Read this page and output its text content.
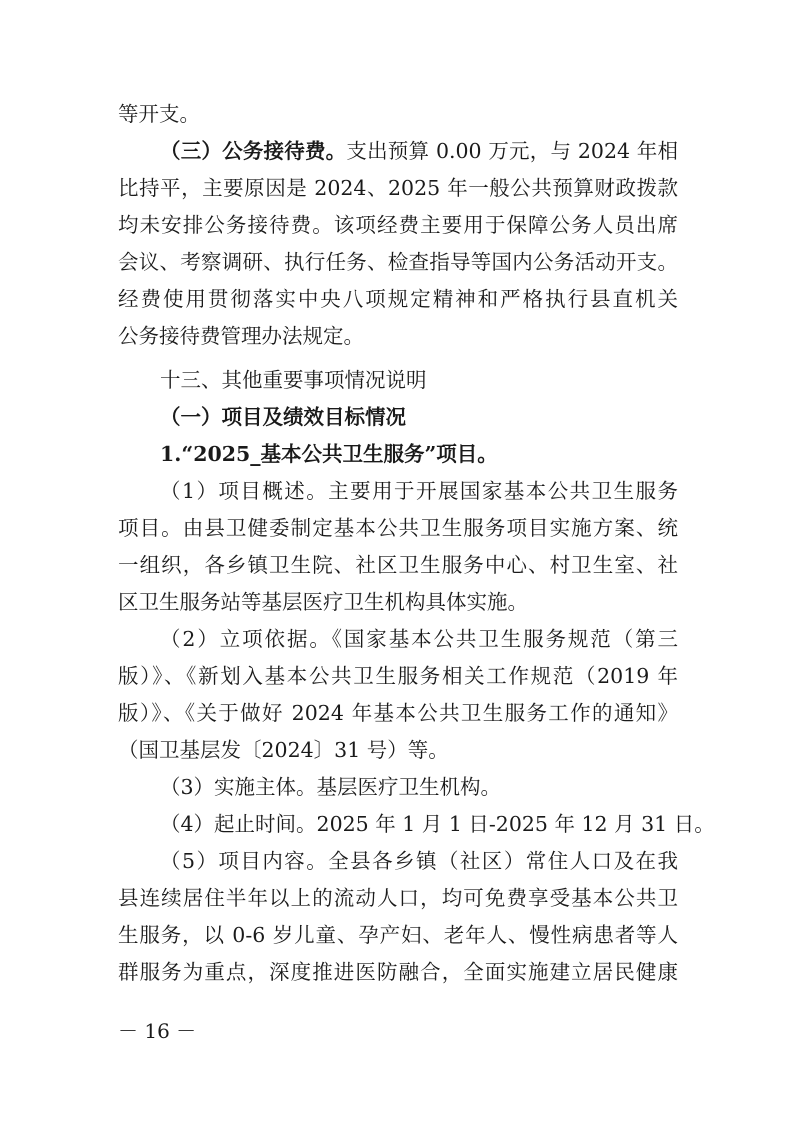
等开支。
（三）公务接待费。支出预算 0.00 万元，与 2024 年相
比持平，主要原因是 2024、2025 年一般公共预算财政拨款
均未安排公务接待费。该项经费主要用于保障公务人员出席
会议、考察调研、执行任务、检查指导等国内公务活动开支。
经费使用贯彻落实中央八项规定精神和严格执行县直机关
公务接待费管理办法规定。
十三、其他重要事项情况说明
（一）项目及绩效目标情况
1.“2025_基本公共卫生服务”项目。
（1）项目概述。主要用于开展国家基本公共卫生服务
项目。由县卫健委制定基本公共卫生服务项目实施方案、统
一组织，各乡镇卫生院、社区卫生服务中心、村卫生室、社
区卫生服务站等基层医疗卫生机构具体实施。
（2）立项依据。《国家基本公共卫生服务规范（第三
版）》、《新划入基本公共卫生服务相关工作规范（2019 年
版）》、《关于做好 2024 年基本公共卫生服务工作的通知》
（国卫基层发〔2024〕31 号）等。
（3）实施主体。基层医疗卫生机构。
（4）起止时间。2025 年 1 月 1 日-2025 年 12 月 31 日。
（5）项目内容。全县各乡镇（社区）常住人口及在我
县连续居住半年以上的流动人口，均可免费享受基本公共卫
生服务，以 0-6 岁儿童、孕产妇、老年人、慢性病患者等人
群服务为重点，深度推进医防融合，全面实施建立居民健康
－ 16 －
